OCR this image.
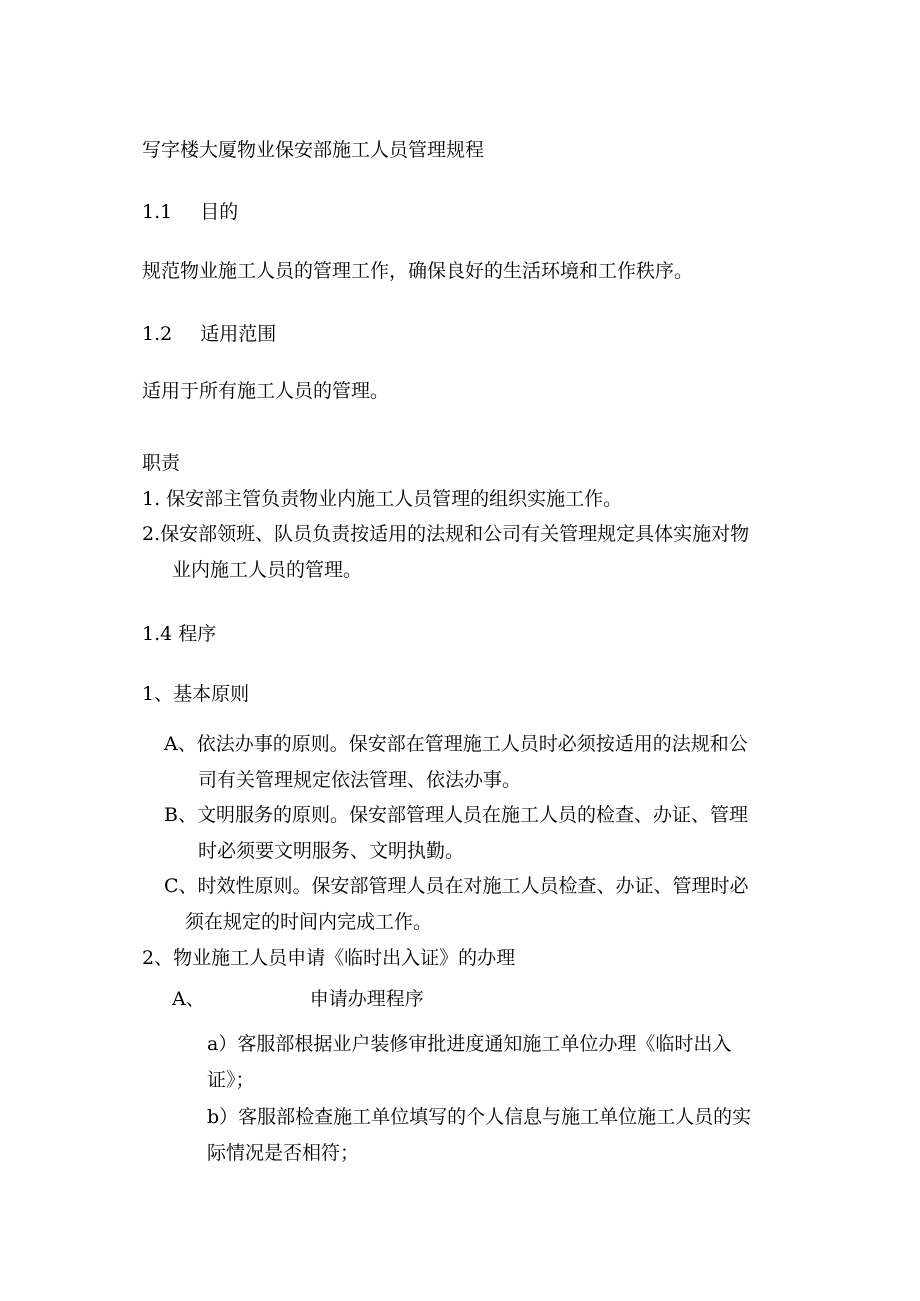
写字楼大厦物业保安部施工人员管理规程
1.1 目的
规范物业施工人员的管理工作，确保良好的生活环境和工作秩序。
1.2 适用范围
适用于所有施工人员的管理。
职责
1. 保安部主管负责物业内施工人员管理的组织实施工作。
2.保安部领班、队员负责按适用的法规和公司有关管理规定具体实施对物
业内施工人员的管理。
1.4 程序
1、基本原则
A、依法办事的原则。保安部在管理施工人员时必须按适用的法规和公
司有关管理规定依法管理、依法办事。
B、文明服务的原则。保安部管理人员在施工人员的检查、办证、管理
时必须要文明服务、文明执勤。
C、时效性原则。保安部管理人员在对施工人员检查、办证、管理时必
须在规定的时间内完成工作。
2、物业施工人员申请《临时出入证》的办理
A、	申请办理程序
a）客服部根据业户装修审批进度通知施工单位办理《临时出入
证》；
b）客服部检查施工单位填写的个人信息与施工单位施工人员的实
际情况是否相符；
